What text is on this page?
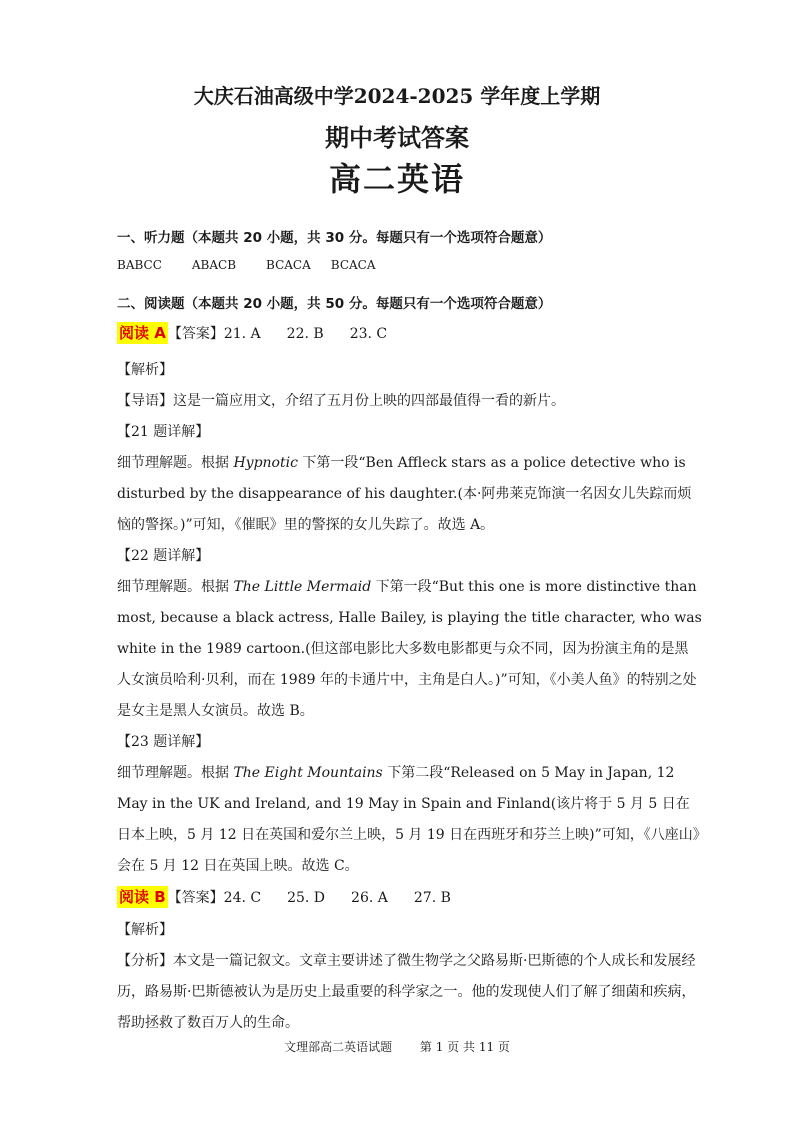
大庆石油高级中学2024-2025 学年度上学期
期中考试答案
高二英语

一、听力题（本题共 20 小题，共 30 分。每题只有一个选项符合题意）

BABCC	ABACB	BCACA BCACA

二、阅读题（本题共 20 小题，共 50 分。每题只有一个选项符合题意）

阅读 A 【答案】21. A 22. B 23. C

【解析】

【导语】这是一篇应用文，介绍了五月份上映的四部最值得一看的新片。

【21 题详解】

细节理解题。根据 Hypnotic 下第一段“Ben Affleck stars as a police detective who is disturbed by the disappearance of his daughter.(本·阿弗莱克饰演一名因女儿失踪而烦恼的警探。)”可知，《催眠》里的警探的女儿失踪了。故选 A。

【22 题详解】

细节理解题。根据 The Little Mermaid 下第一段“But this one is more distinctive than most, because a black actress, Halle Bailey, is playing the title character, who was white in the 1989 cartoon.(但这部电影比大多数电影都更与众不同，因为扮演主角的是黑人女演员哈利·贝利，而在 1989 年的卡通片中，主角是白人。)”可知，《小美人鱼》的特别之处是女主是黑人女演员。故选 B。

【23 题详解】

细节理解题。根据 The Eight Mountains 下第二段“Released on 5 May in Japan, 12 May in the UK and Ireland, and 19 May in Spain and Finland(该片将于 5 月 5 日在日本上映，5 月 12 日在英国和爱尔兰上映，5 月 19 日在西班牙和芬兰上映)”可知，《八座山》会在 5 月 12 日在英国上映。故选 C。

阅读 B 【答案】24. C 25. D 26. A 27. B

【解析】

【分析】本文是一篇记叙文。文章主要讲述了微生物学之父路易斯·巴斯德的个人成长和发展经历，路易斯·巴斯德被认为是历史上最重要的科学家之一。他的发现使人们了解了细菌和疾病，帮助拯救了数百万人的生命。

文理部高二英语试题 第 1 页 共 11 页
